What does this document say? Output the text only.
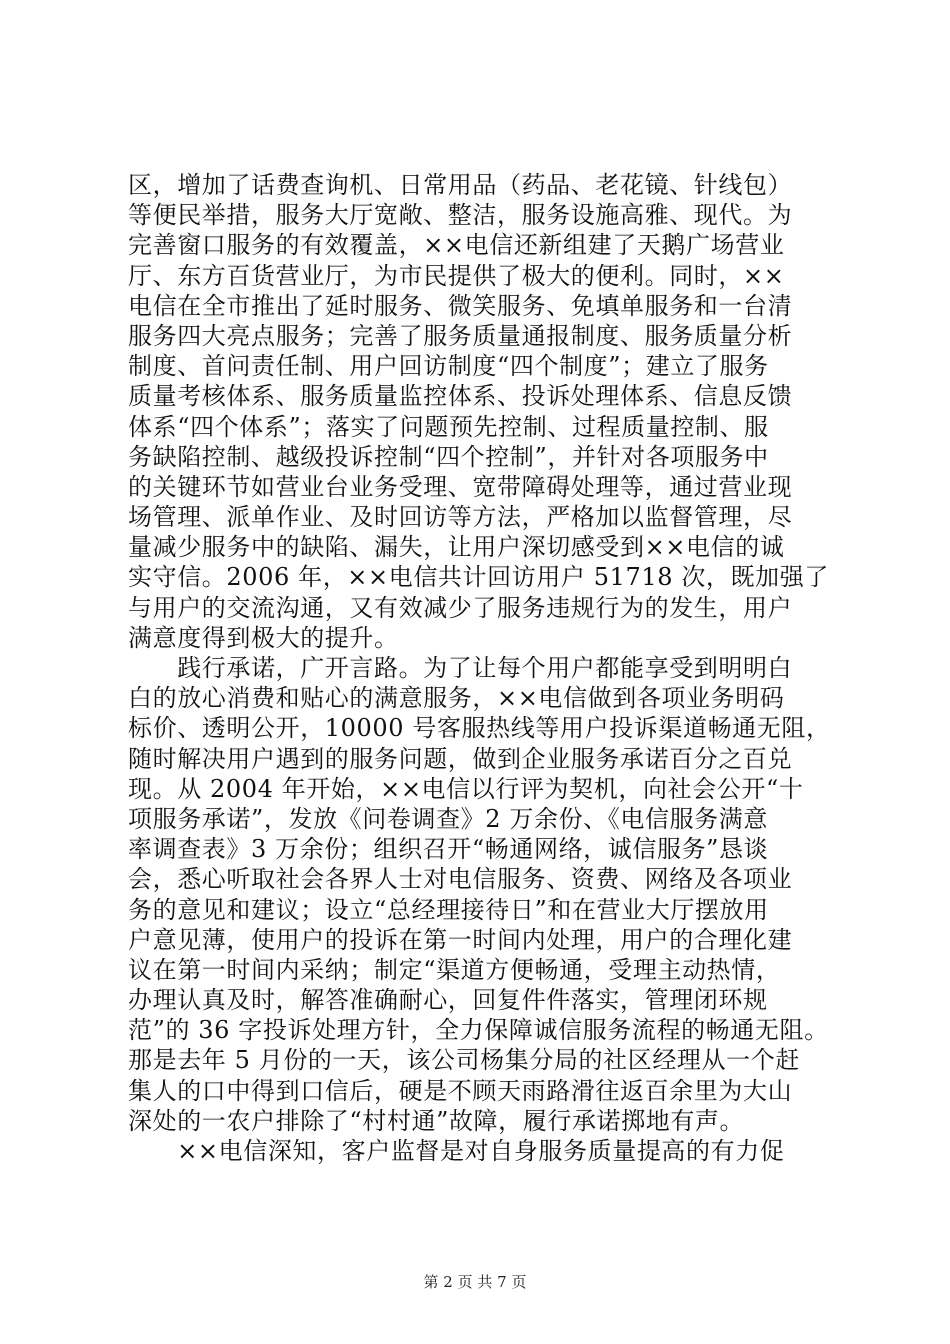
区，增加了话费查询机、日常用品（药品、老花镜、针线包）
等便民举措，服务大厅宽敞、整洁，服务设施高雅、现代。为
完善窗口服务的有效覆盖，××电信还新组建了天鹅广场营业
厅、东方百货营业厅，为市民提供了极大的便利。同时，××
电信在全市推出了延时服务、微笑服务、免填单服务和一台清
服务四大亮点服务；完善了服务质量通报制度、服务质量分析
制度、首问责任制、用户回访制度“四个制度”；建立了服务
质量考核体系、服务质量监控体系、投诉处理体系、信息反馈
体系“四个体系”；落实了问题预先控制、过程质量控制、服
务缺陷控制、越级投诉控制“四个控制”，并针对各项服务中
的关键环节如营业台业务受理、宽带障碍处理等，通过营业现
场管理、派单作业、及时回访等方法，严格加以监督管理，尽
量减少服务中的缺陷、漏失，让用户深切感受到××电信的诚
实守信。2006 年，××电信共计回访用户 51718 次，既加强了
与用户的交流沟通，又有效减少了服务违规行为的发生，用户
满意度得到极大的提升。
　　践行承诺，广开言路。为了让每个用户都能享受到明明白
白的放心消费和贴心的满意服务，××电信做到各项业务明码
标价、透明公开，10000 号客服热线等用户投诉渠道畅通无阻，
随时解决用户遇到的服务问题，做到企业服务承诺百分之百兑
现。从 2004 年开始，××电信以行评为契机，向社会公开“十
项服务承诺”，发放《问卷调查》2 万余份、《电信服务满意
率调查表》3 万余份；组织召开“畅通网络，诚信服务”恳谈
会，悉心听取社会各界人士对电信服务、资费、网络及各项业
务的意见和建议；设立“总经理接待日”和在营业大厅摆放用
户意见薄，使用户的投诉在第一时间内处理，用户的合理化建
议在第一时间内采纳；制定“渠道方便畅通，受理主动热情，
办理认真及时，解答准确耐心，回复件件落实，管理闭环规
范”的 36 字投诉处理方针，全力保障诚信服务流程的畅通无阻。
那是去年 5 月份的一天，该公司杨集分局的社区经理从一个赶
集人的口中得到口信后，硬是不顾天雨路滑往返百余里为大山
深处的一农户排除了“村村通”故障，履行承诺掷地有声。
　　××电信深知，客户监督是对自身服务质量提高的有力促
第 2 页 共 7 页
